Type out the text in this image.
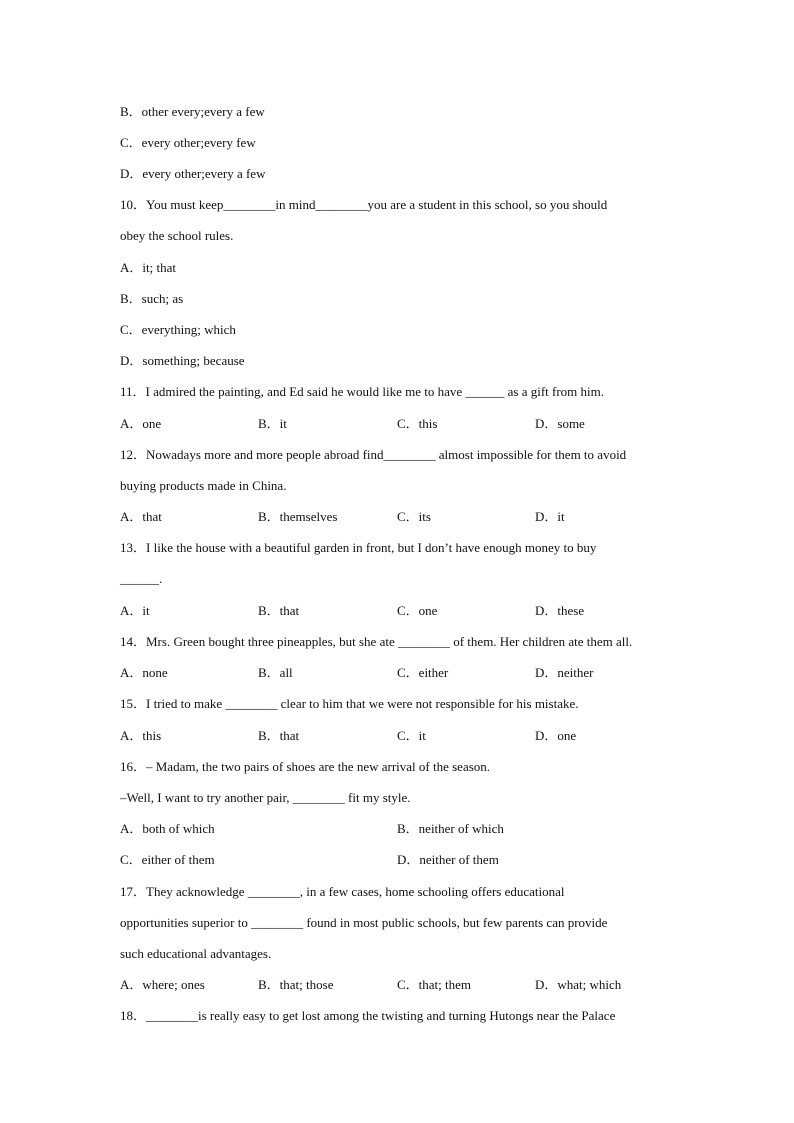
B．other every;every a few
C．every other;every few
D．every other;every a few
10．You must keep________in mind________you are a student in this school, so you should
obey the school rules.
A．it; that
B．such; as
C．everything; which
D．something; because
11．I admired the painting, and Ed said he would like me to have ______ as a gift from him.
A．one	B．it	C．this	D．some
12．Nowadays more and more people abroad find________ almost impossible for them to avoid
buying products made in China.
A．that	B．themselves	C．its	D．it
13．I like the house with a beautiful garden in front, but I don’t have enough money to buy
______.
A．it	B．that	C．one	D．these
14．Mrs. Green bought three pineapples, but she ate ________ of them. Her children ate them all.
A．none	B．all	C．either	D．neither
15．I tried to make ________ clear to him that we were not responsible for his mistake.
A．this	B．that	C．it	D．one
16．– Madam, the two pairs of shoes are the new arrival of the season.
–Well, I want to try another pair, ________ fit my style.
A．both of which	B．neither of which
C．either of them	D．neither of them
17．They acknowledge ________, in a few cases, home schooling offers educational
opportunities superior to ________ found in most public schools, but few parents can provide
such educational advantages.
A．where; ones	B．that; those	C．that; them	D．what; which
18．________is really easy to get lost among the twisting and turning Hutongs near the Palace
